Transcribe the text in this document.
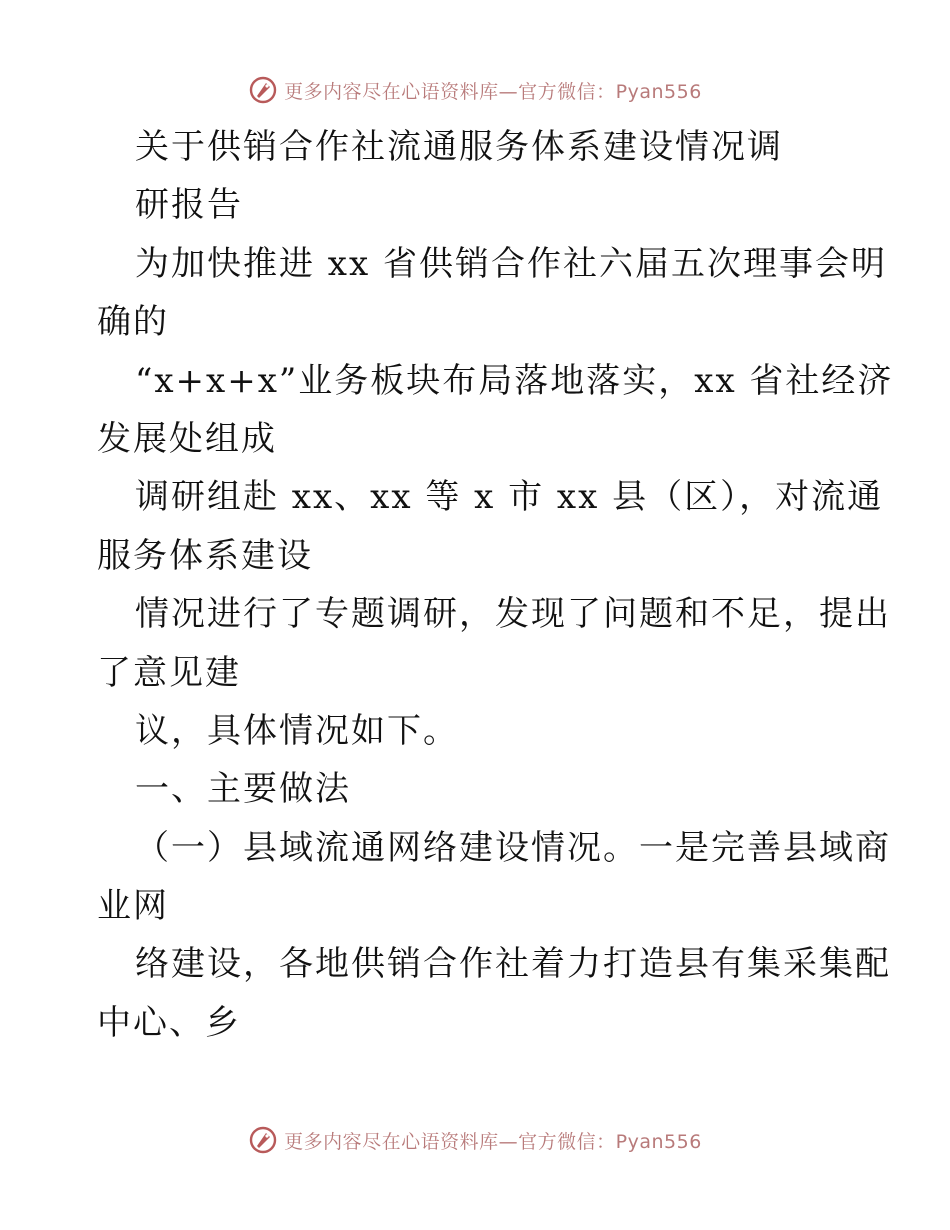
更多内容尽在心语资料库—官方微信：Pyan556
关于供销合作社流通服务体系建设情况调
研报告
为加快推进 xx 省供销合作社六届五次理事会明
确的
“x+x+x”业务板块布局落地落实，xx 省社经济
发展处组成
调研组赴 xx、xx 等 x 市 xx 县（区），对流通
服务体系建设
情况进行了专题调研，发现了问题和不足，提出
了意见建
议，具体情况如下。
一、主要做法
（一）县域流通网络建设情况。一是完善县域商
业网
络建设，各地供销合作社着力打造县有集采集配
中心、乡
更多内容尽在心语资料库—官方微信：Pyan556
